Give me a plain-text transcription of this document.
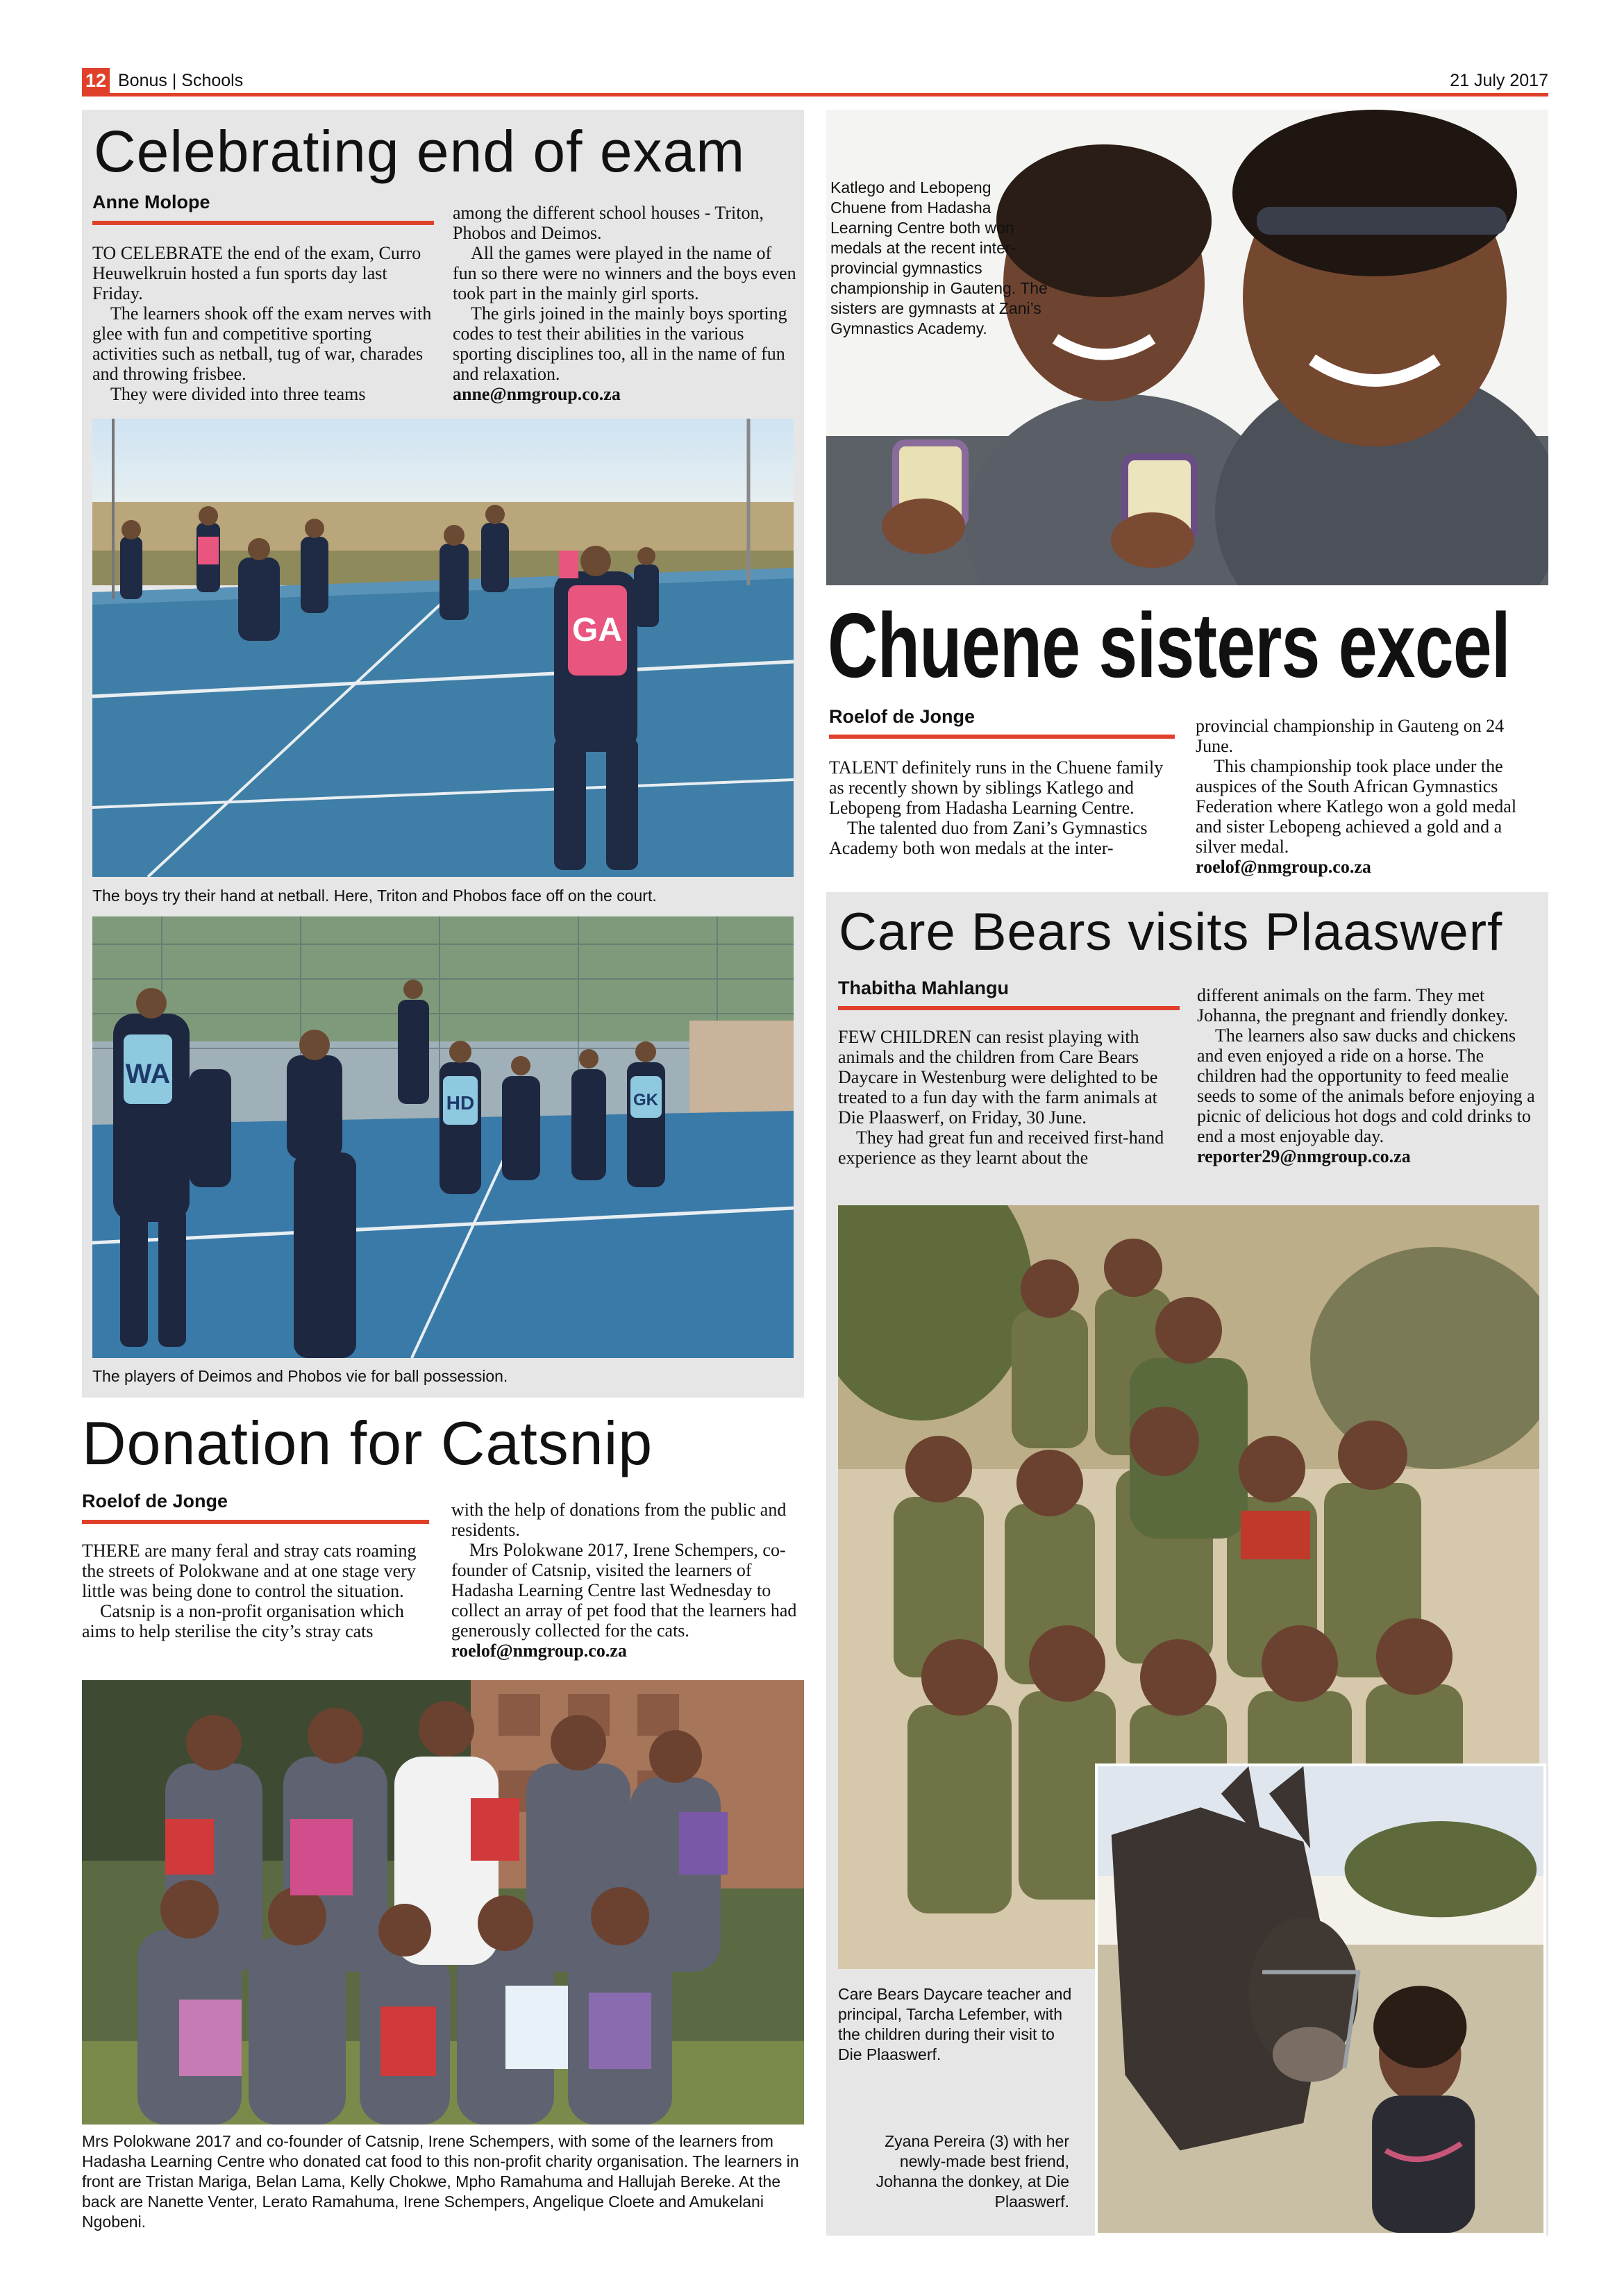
12 Bonus | Schools	21 July 2017
Celebrating end of exam
Anne Molope

TO CELEBRATE the end of the exam, Curro Heuwelkruin hosted a fun sports day last Friday.

The learners shook off the exam nerves with glee with fun and competitive sporting activities such as netball, tug of war, charades and throwing frisbee.

They were divided into three teams

among the different school houses - Triton, Phobos and Deimos.

All the games were played in the name of fun so there were no winners and the boys even took part in the mainly girl sports.

The girls joined in the mainly boys sporting codes to test their abilities in the various sporting disciplines too, all in the name of fun and relaxation.

anne@nmgroup.co.za

GA
The boys try their hand at netball. Here, Triton and Phobos face off on the court.
WA
HD	GK
The players of Deimos and Phobos vie for ball possession.
Katlego and Lebopeng Chuene from Hadasha Learning Centre both won medals at the recent inter-provincial gymnastics championship in Gauteng. The sisters are gymnasts at Zani’s Gymnastics Academy.
Chuene sisters excel
Roelof de Jonge

TALENT definitely runs in the Chuene family as recently shown by siblings Katlego and Lebopeng from Hadasha Learning Centre.

The talented duo from Zani’s Gymnastics Academy both won medals at the inter-

provincial championship in Gauteng on 24 June.

This championship took place under the auspices of the South African Gymnastics Federation where Katlego won a gold medal and sister Lebopeng achieved a gold and a silver medal.

roelof@nmgroup.co.za

Care Bears visits Plaaswerf
Thabitha Mahlangu

FEW CHILDREN can resist playing with animals and the children from Care Bears Daycare in Westenburg were delighted to be treated to a fun day with the farm animals at Die Plaaswerf, on Friday, 30 June.

They had great fun and received first-hand experience as they learnt about the

different animals on the farm. They met Johanna, the pregnant and friendly donkey.

The learners also saw ducks and chickens and even enjoyed a ride on a horse. The children had the opportunity to feed mealie seeds to some of the animals before enjoying a picnic of delicious hot dogs and cold drinks to end a most enjoyable day.

reporter29@nmgroup.co.za

Care Bears Daycare teacher and principal, Tarcha Lefember, with the children during their visit to Die Plaaswerf.
Zyana Pereira (3) with her newly-made best friend, Johanna the donkey, at Die Plaaswerf.
Donation for Catsnip
Roelof de Jonge

THERE are many feral and stray cats roaming the streets of Polokwane and at one stage very little was being done to control the situation.

Catsnip is a non-profit organisation which aims to help sterilise the city’s stray cats

with the help of donations from the public and residents.

Mrs Polokwane 2017, Irene Schempers, co-founder of Catsnip, visited the learners of Hadasha Learning Centre last Wednesday to collect an array of pet food that the learners had generously collected for the cats.

roelof@nmgroup.co.za

Mrs Polokwane 2017 and co-founder of Catsnip, Irene Schempers, with some of the learners from Hadasha Learning Centre who donated cat food to this non-profit charity organisation. The learners in front are Tristan Mariga, Belan Lama, Kelly Chokwe, Mpho Ramahuma and Hallujah Bereke. At the back are Nanette Venter, Lerato Ramahuma, Irene Schempers, Angelique Cloete and Amukelani Ngobeni.
